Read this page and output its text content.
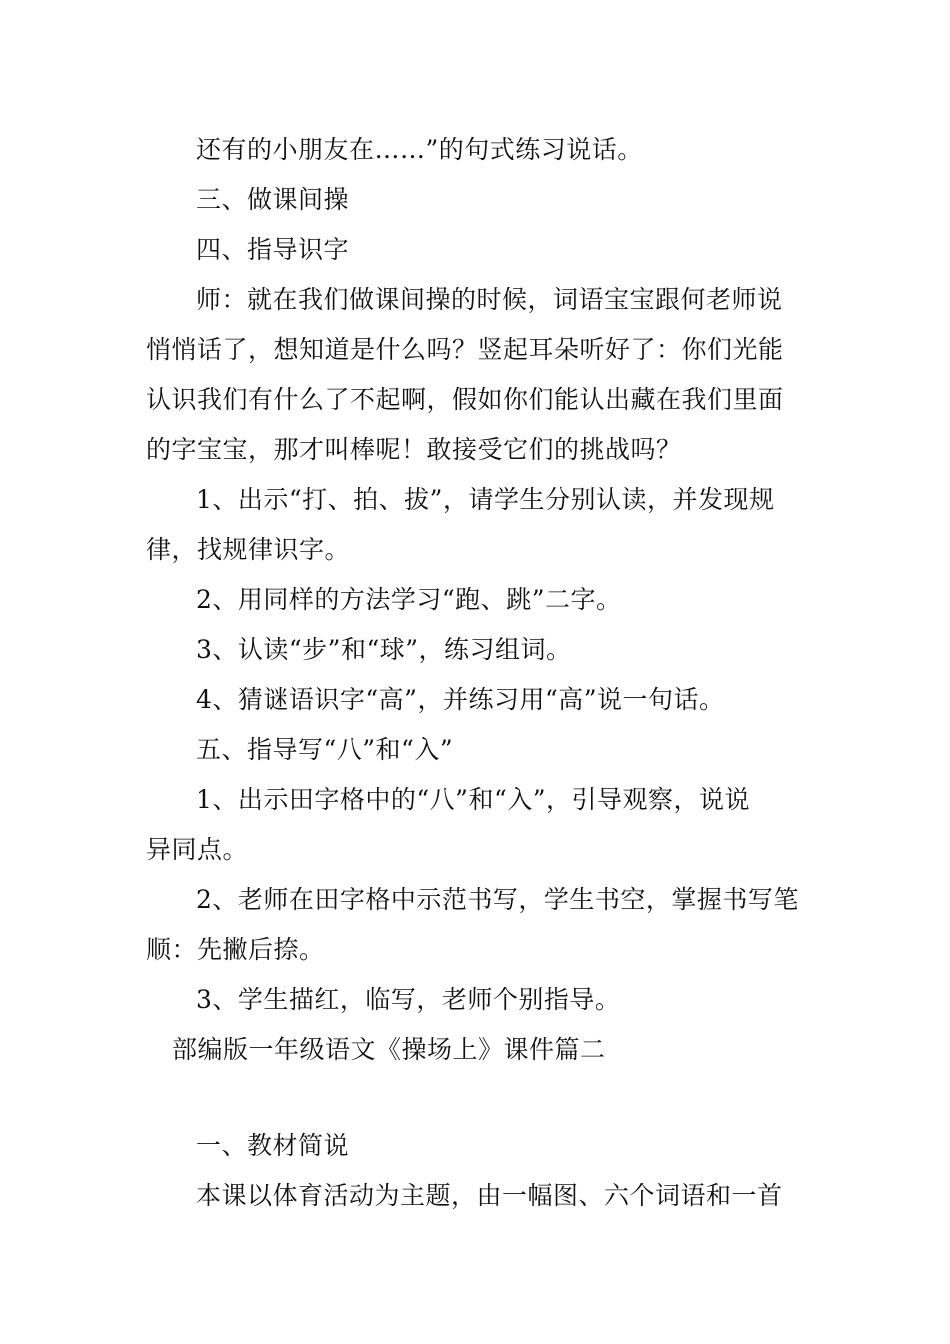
还有的小朋友在……”的句式练习说话。
三、做课间操
四、指导识字
师：就在我们做课间操的时候，词语宝宝跟何老师说
悄悄话了，想知道是什么吗？竖起耳朵听好了：你们光能
认识我们有什么了不起啊，假如你们能认出藏在我们里面
的字宝宝，那才叫棒呢！敢接受它们的挑战吗？
1、出示“打、拍、拔”，请学生分别认读，并发现规
律，找规律识字。
2、用同样的方法学习“跑、跳”二字。
3、认读“步”和“球”，练习组词。
4、猜谜语识字“高”，并练习用“高”说一句话。
五、指导写“八”和“入”
1、出示田字格中的“八”和“入”，引导观察，说说
异同点。
2、老师在田字格中示范书写，学生书空，掌握书写笔
顺：先撇后捺。
3、学生描红，临写，老师个别指导。
部编版一年级语文《操场上》课件篇二
一、教材简说
本课以体育活动为主题，由一幅图、六个词语和一首
